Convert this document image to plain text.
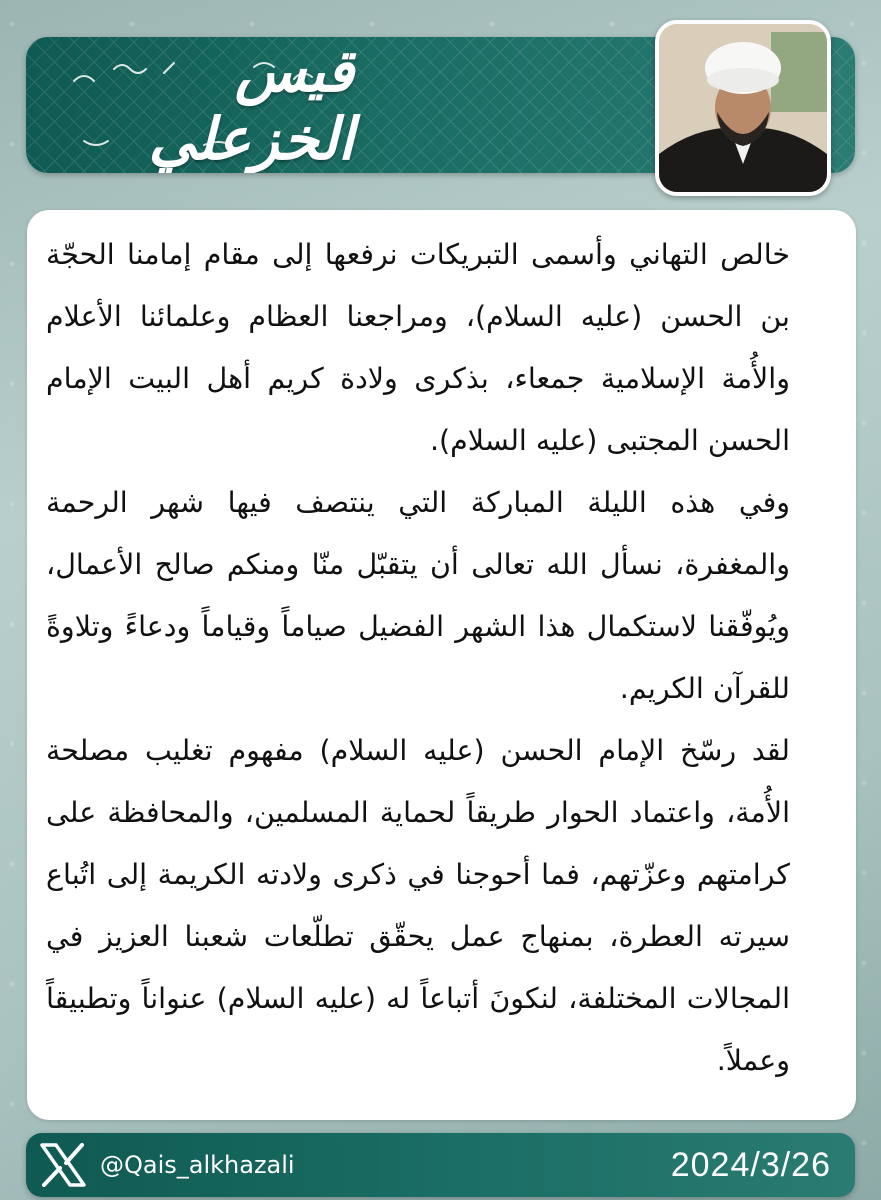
قيس الخزعلي

خالص التهاني وأسمى التبريكات نرفعها إلى مقام إمامنا الحجّة بن الحسن (عليه السلام)، ومراجعنا العظام وعلمائنا الأعلام والأُمة الإسلامية جمعاء، بذكرى ولادة كريم أهل البيت الإمام الحسن المجتبى (عليه السلام).

وفي هذه الليلة المباركة التي ينتصف فيها شهر الرحمة والمغفرة، نسأل الله تعالى أن يتقبّل منّا ومنكم صالح الأعمال، ويُوفّقنا لاستكمال هذا الشهر الفضيل صياماً وقياماً ودعاءً وتلاوةً للقرآن الكريم.

لقد رسّخ الإمام الحسن (عليه السلام) مفهوم تغليب مصلحة الأُمة، واعتماد الحوار طريقاً لحماية المسلمين، والمحافظة على كرامتهم وعزّتهم، فما أحوجنا في ذكرى ولادته الكريمة إلى اتُباع سيرته العطرة، بمنهاج عمل يحقّق تطلّعات شعبنا العزيز في المجالات المختلفة، لنكونَ أتباعاً له (عليه السلام) عنواناً وتطبيقاً وعملاً.

@Qais_alkhazali	2024/3/26
